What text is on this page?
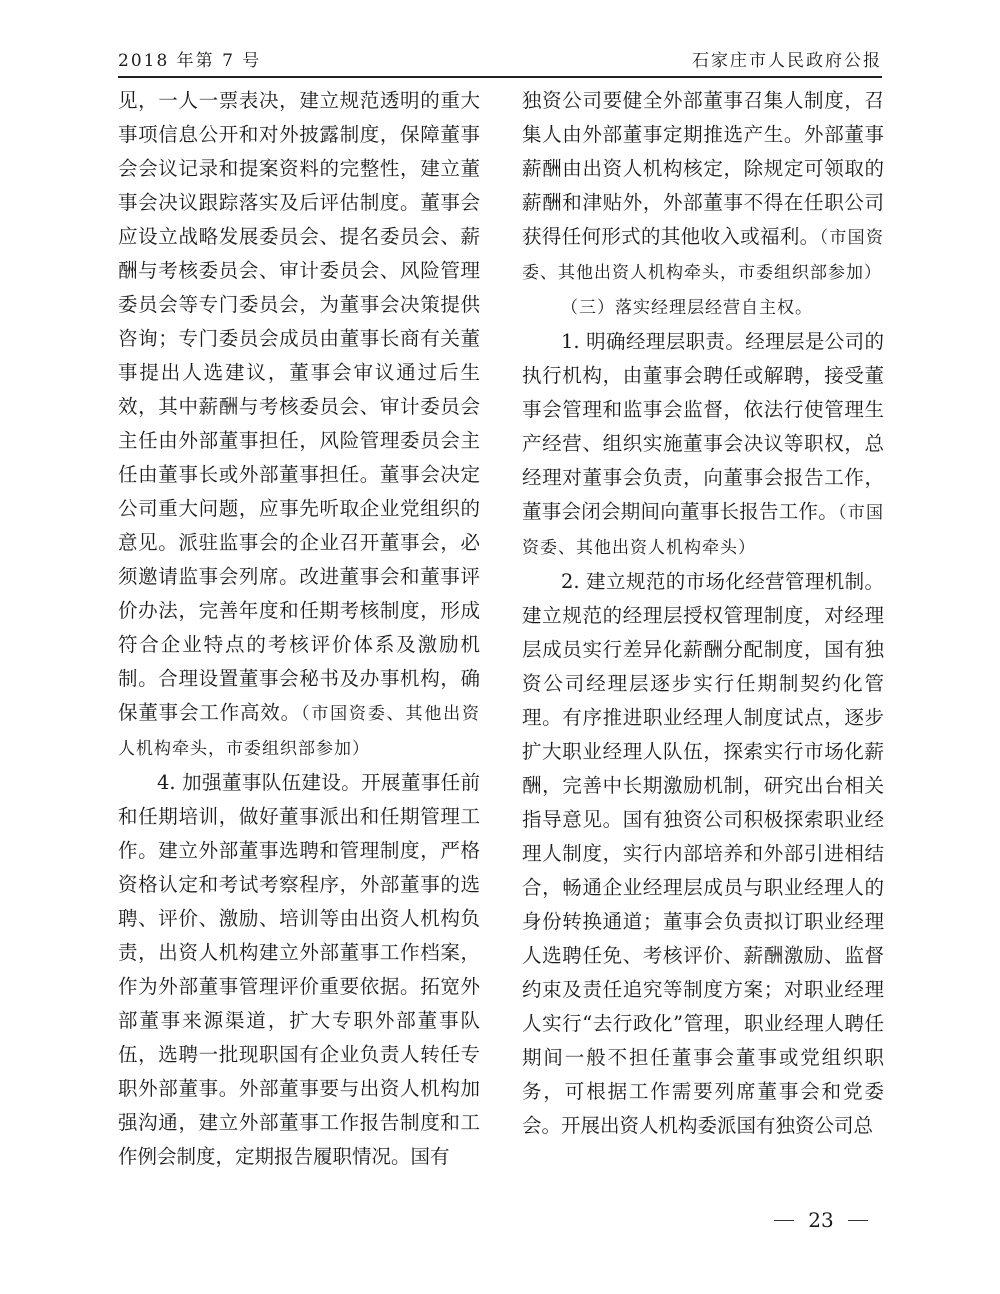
2018 年第 7 号	石家庄市人民政府公报

见，一人一票表决，建立规范透明的重大事项信息公开和对外披露制度，保障董事会会议记录和提案资料的完整性，建立董事会决议跟踪落实及后评估制度。董事会应设立战略发展委员会、提名委员会、薪酬与考核委员会、审计委员会、风险管理委员会等专门委员会，为董事会决策提供咨询；专门委员会成员由董事长商有关董事提出人选建议，董事会审议通过后生效，其中薪酬与考核委员会、审计委员会主任由外部董事担任，风险管理委员会主任由董事长或外部董事担任。董事会决定公司重大问题，应事先听取企业党组织的意见。派驻监事会的企业召开董事会，必须邀请监事会列席。改进董事会和董事评价办法，完善年度和任期考核制度，形成符合企业特点的考核评价体系及激励机制。合理设置董事会秘书及办事机构，确保董事会工作高效。（市国资委、其他出资人机构牵头，市委组织部参加）

4. 加强董事队伍建设。开展董事任前和任期培训，做好董事派出和任期管理工作。建立外部董事选聘和管理制度，严格资格认定和考试考察程序，外部董事的选聘、评价、激励、培训等由出资人机构负责，出资人机构建立外部董事工作档案，作为外部董事管理评价重要依据。拓宽外部董事来源渠道，扩大专职外部董事队伍，选聘一批现职国有企业负责人转任专职外部董事。外部董事要与出资人机构加强沟通，建立外部董事工作报告制度和工作例会制度，定期报告履职情况。国有

独资公司要健全外部董事召集人制度，召集人由外部董事定期推选产生。外部董事薪酬由出资人机构核定，除规定可领取的薪酬和津贴外，外部董事不得在任职公司获得任何形式的其他收入或福利。（市国资委、其他出资人机构牵头，市委组织部参加）

（三）落实经理层经营自主权。

1. 明确经理层职责。经理层是公司的执行机构，由董事会聘任或解聘，接受董事会管理和监事会监督，依法行使管理生产经营、组织实施董事会决议等职权，总经理对董事会负责，向董事会报告工作，董事会闭会期间向董事长报告工作。（市国资委、其他出资人机构牵头）

2. 建立规范的市场化经营管理机制。建立规范的经理层授权管理制度，对经理层成员实行差异化薪酬分配制度，国有独资公司经理层逐步实行任期制契约化管理。有序推进职业经理人制度试点，逐步扩大职业经理人队伍，探索实行市场化薪酬，完善中长期激励机制，研究出台相关指导意见。国有独资公司积极探索职业经理人制度，实行内部培养和外部引进相结合，畅通企业经理层成员与职业经理人的身份转换通道；董事会负责拟订职业经理人选聘任免、考核评价、薪酬激励、监督约束及责任追究等制度方案；对职业经理人实行“去行政化”管理，职业经理人聘任期间一般不担任董事会董事或党组织职务，可根据工作需要列席董事会和党委会。开展出资人机构委派国有独资公司总

23
